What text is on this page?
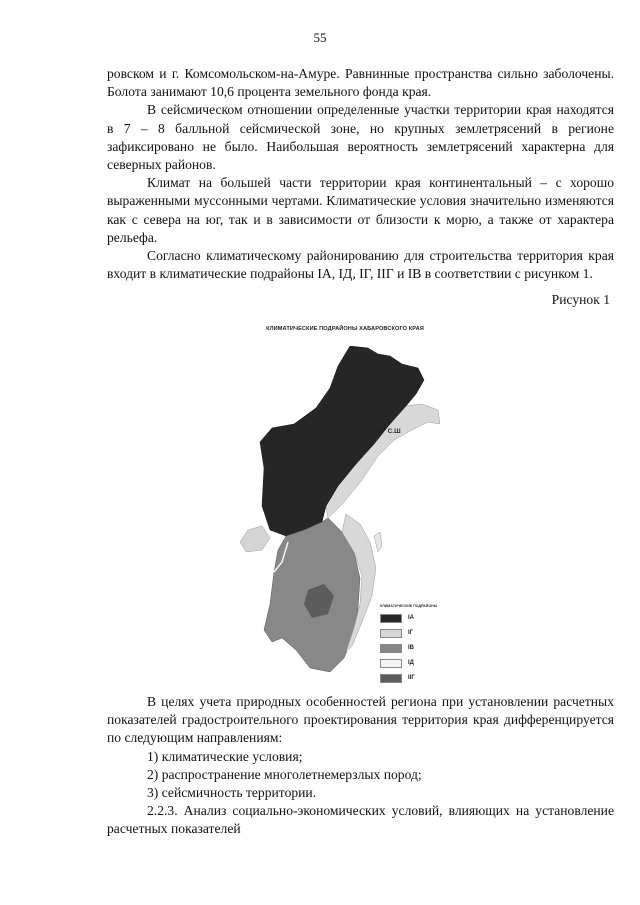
55

ровском и г. Комсомольском-на-Амуре. Равнинные пространства сильно заболочены. Болота занимают 10,6 процента земельного фонда края.

В сейсмическом отношении определенные участки территории края находятся в 7 – 8 балльной сейсмической зоне, но крупных землетрясений в регионе зафиксировано не было. Наибольшая вероятность землетрясений характерна для северных районов.

Климат на большей части территории края континентальный – с хорошо выраженными муссонными чертами. Климатические условия значительно изменяются как с севера на юг, так и в зависимости от близости к морю, а также от характера рельефа.

Согласно климатическому районированию для строительства территория края входит в климатические подрайоны IА, IД, IГ, IIГ и IВ в соответствии с рисунком 1.

Рисунок 1
КЛИМАТИЧЕСКИЕ ПОДРАЙОНЫ ХАБАРОВСКОГО КРАЯ
58° С.Ш
КЛИМАТИЧЕСКИЕ ПОДРАЙОНЫ
IА
IГ
IВ
IД
IIГ

В целях учета природных особенностей региона при установлении расчетных показателей градостроительного проектирования территория края дифференцируется по следующим направлениям:

1) климатические условия;

2) распространение многолетнемерзлых пород;

3) сейсмичность территории.

2.2.3. Анализ социально-экономических условий, влияющих на установление расчетных показателей
